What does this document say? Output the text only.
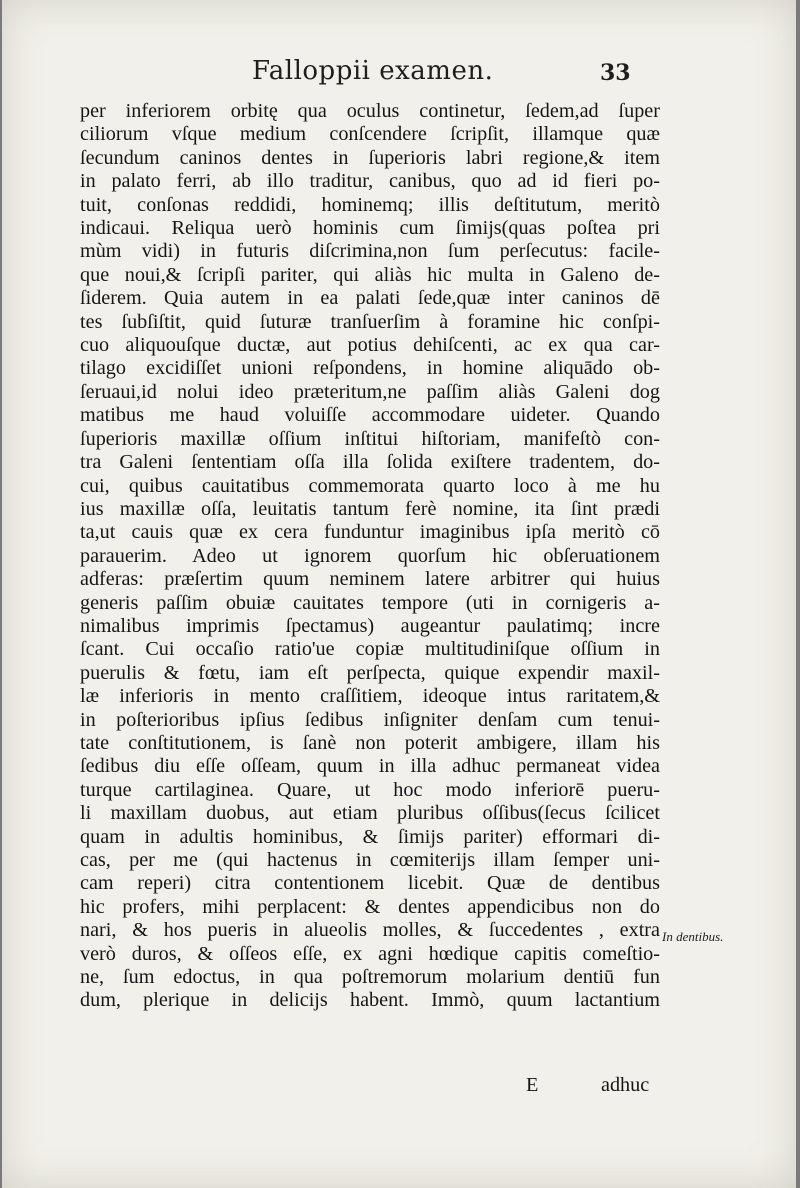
Falloppii examen.	33
per inferiorem orbitę qua oculus continetur, ſedem,ad ſuper
ciliorum vſque medium conſcendere ſcripſit, illamque quæ
ſecundum caninos dentes in ſuperioris labri regione,& item
in palato ferri, ab illo traditur, canibus, quo ad id fieri po-
tuit, conſonas reddidi, hominemq; illis deſtitutum, meritò
indicaui. Reliqua uerò hominis cum ſimijs(quas poſtea pri
mùm vidi) in futuris diſcrimina,non ſum perſecutus: facile-
que noui,& ſcripſi pariter, qui aliàs hic multa in Galeno de-
ſiderem. Quia autem in ea palati ſede,quæ inter caninos dē
tes ſubſiſtit, quid ſuturæ tranſuerſim à foramine hic conſpi-
cuo aliquouſque ductæ, aut potius dehiſcenti, ac ex qua car-
tilago excidiſſet unioni reſpondens, in homine aliquādo ob-
ſeruaui,id nolui ideo præteritum,ne paſſim aliàs Galeni dog
matibus me haud voluiſſe accommodare uideter. Quando
ſuperioris maxillæ oſſium inſtitui hiſtoriam, manifeſtò con-
tra Galeni ſententiam oſſa illa ſolida exiſtere tradentem, do-
cui, quibus cauitatibus commemorata quarto loco à me hu
ius maxillæ oſſa, leuitatis tantum ferè nomine, ita ſint prædi
ta,ut cauis quæ ex cera funduntur imaginibus ipſa meritò cō
parauerim. Adeo ut ignorem quorſum hic obſeruationem
adferas: præſertim quum neminem latere arbitrer qui huius
generis paſſim obuiæ cauitates tempore (uti in cornigeris a-
nimalibus imprimis ſpectamus) augeantur paulatimq; incre
ſcant. Cui occaſio ratio'ue copiæ multitudiniſque oſſium in
puerulis & fœtu, iam eſt perſpecta, quique expendir maxil-
læ inferioris in mento craſſitiem, ideoque intus raritatem,&
in poſterioribus ipſius ſedibus inſigniter denſam cum tenui-
tate conſtitutionem, is ſanè non poterit ambigere, illam his
ſedibus diu eſſe oſſeam, quum in illa adhuc permaneat videa
turque cartilaginea. Quare, ut hoc modo inferiorē pueru-
li maxillam duobus, aut etiam pluribus oſſibus(ſecus ſcilicet
quam in adultis hominibus, & ſimijs pariter) efformari di-
cas, per me (qui hactenus in cœmiterijs illam ſemper uni-
cam reperi) citra contentionem licebit. Quæ de dentibus
hic profers, mihi perplacent: & dentes appendicibus non do
nari, & hos pueris in alueolis molles, & ſuccedentes , extra
verò duros, & oſſeos eſſe, ex agni hœdique capitis comeſtio-
ne, ſum edoctus, in qua poſtremorum molarium dentiū fun
dum, plerique in delicijs habent. Immò, quum lactantium
In dentibus.
E	adhuc
